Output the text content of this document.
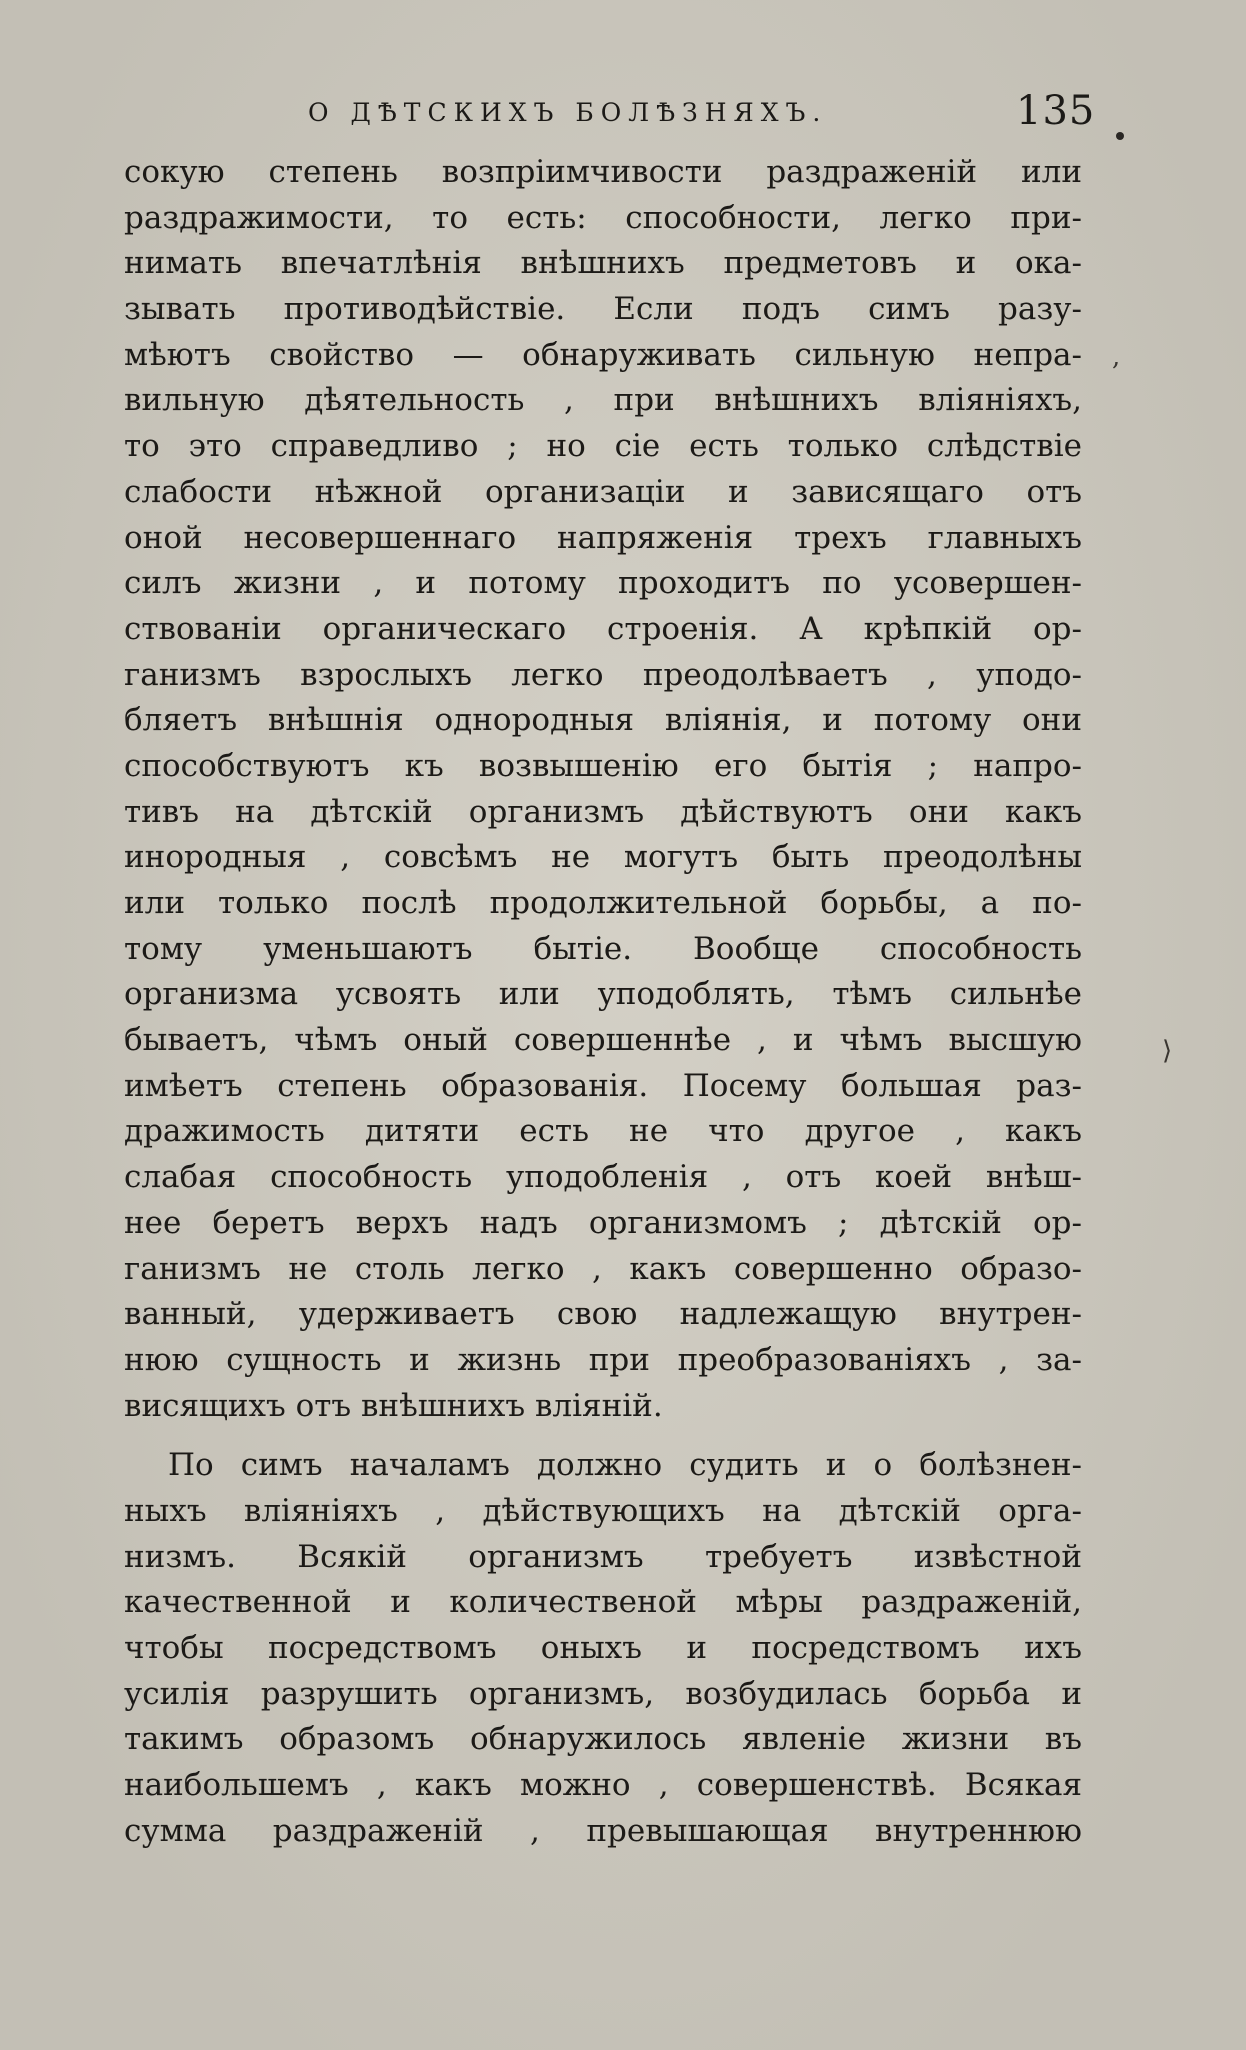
О ДѢТСКИХЪ БОЛѢЗНЯХЪ.	135
сокую степень возпріимчивости раздраженій или
раздражимости, то есть: способности, легко при-
нимать впечатлѣнія внѣшнихъ предметовъ и ока-
зывать противодѣйствіе. Если подъ симъ разу-
мѣютъ свойство — обнаруживать сильную непра-
вильную дѣятельность , при внѣшнихъ вліяніяхъ,
то это справедливо ; но сіе есть только слѣдствіе
слабости нѣжной организаціи и зависящаго отъ
оной несовершеннаго напряженія трехъ главныхъ
силъ жизни , и потому проходитъ по усовершен-
ствованіи органическаго строенія. А крѣпкій ор-
ганизмъ взрослыхъ легко преодолѣваетъ , уподо-
бляетъ внѣшнія однородныя вліянія, и потому они
способствуютъ къ возвышенію его бытія ; напро-
тивъ на дѣтскій организмъ дѣйствуютъ они какъ
инородныя , совсѣмъ не могутъ быть преодолѣны
или только послѣ продолжительной борьбы, а по-
тому уменьшаютъ бытіе. Вообще способность
организма усвоять или уподоблять, тѣмъ сильнѣе
бываетъ, чѣмъ оный совершеннѣе , и чѣмъ высшую
имѣетъ степень образованія. Посему большая раз-
дражимость дитяти есть не что другое , какъ
слабая способность уподобленія , отъ коей внѣш-
нее беретъ верхъ надъ организмомъ ; дѣтскій ор-
ганизмъ не столь легко , какъ совершенно образо-
ванный, удерживаетъ свою надлежащую внутрен-
нюю сущность и жизнь при преобразованіяхъ , за-
висящихъ отъ внѣшнихъ вліяній.
По симъ началамъ должно судить и о болѣзнен-
ныхъ вліяніяхъ , дѣйствующихъ на дѣтскій орга-
низмъ. Всякій организмъ требуетъ извѣстной
качественной и количественой мѣры раздраженій,
чтобы посредствомъ оныхъ и посредствомъ ихъ
усилія разрушить организмъ, возбудилась борьба и
такимъ образомъ обнаружилось явленіе жизни въ
наибольшемъ , какъ можно , совершенствѣ. Всякая
сумма раздраженій , превышающая внутреннюю
,
⟩
